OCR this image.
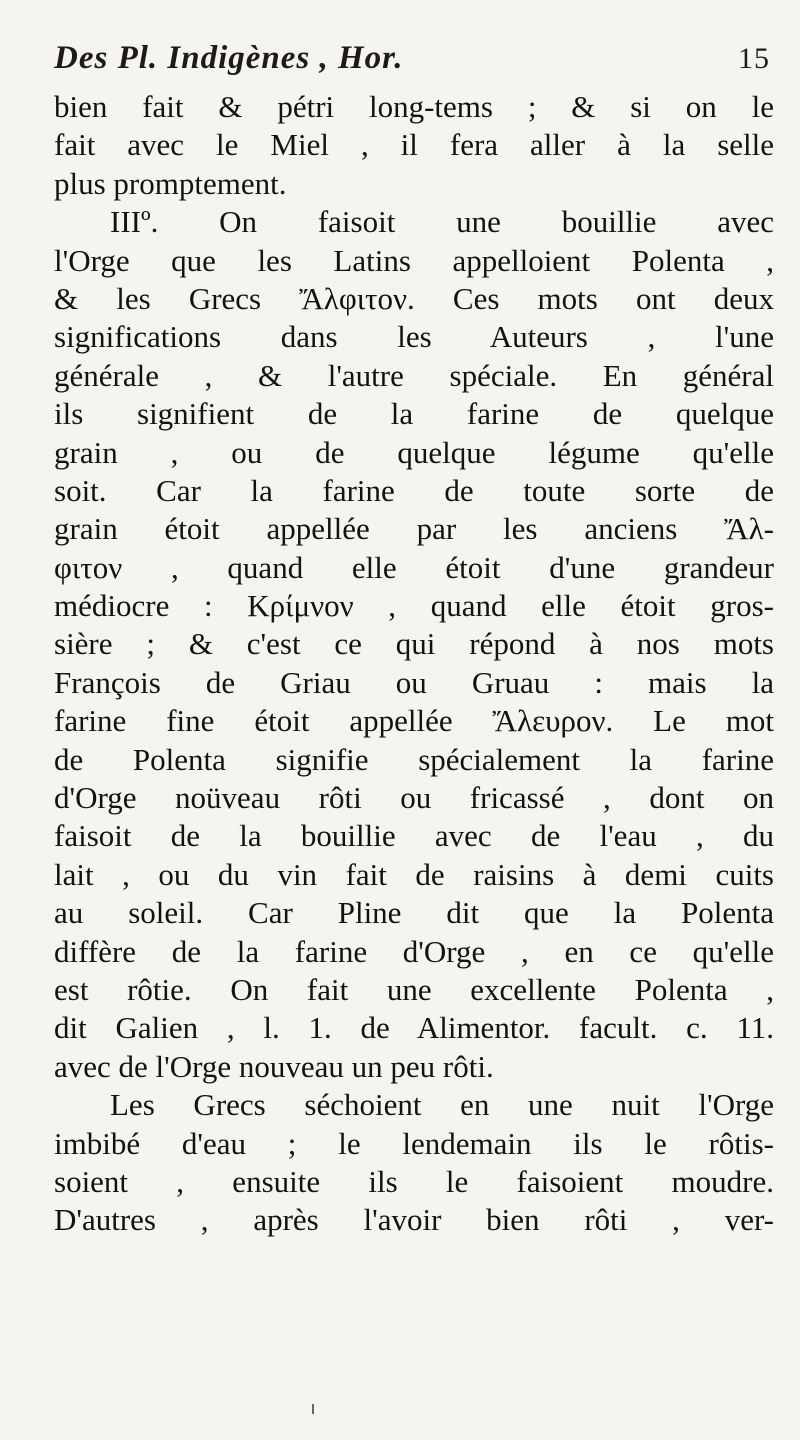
Des Pl. Indigènes , Hor.	15
bien fait & pétri long-tems ; & si on le
fait avec le Miel , il fera aller à la selle
plus promptement.
IIIº. On faisoit une bouillie avec
l'Orge que les Latins appelloient Polenta ,
& les Grecs Ἄλφιτον. Ces mots ont deux
significations dans les Auteurs , l'une
générale , & l'autre spéciale. En général
ils signifient de la farine de quelque
grain , ou de quelque légume qu'elle
soit. Car la farine de toute sorte de
grain étoit appellée par les anciens Ἄλ-
φιτον , quand elle étoit d'une grandeur
médiocre : Κρίμνον , quand elle étoit gros-
sière ; & c'est ce qui répond à nos mots
François de Griau ou Gruau : mais la
farine fine étoit appellée Ἄλευρον. Le mot
de Polenta signifie spécialement la farine
d'Orge noüveau rôti ou fricassé , dont on
faisoit de la bouillie avec de l'eau , du
lait , ou du vin fait de raisins à demi cuits
au soleil. Car Pline dit que la Polenta
diffère de la farine d'Orge , en ce qu'elle
est rôtie. On fait une excellente Polenta ,
dit Galien , l. 1. de Alimentor. facult. c. 11.
avec de l'Orge nouveau un peu rôti.
Les Grecs séchoient en une nuit l'Orge
imbibé d'eau ; le lendemain ils le rôtis-
soient , ensuite ils le faisoient moudre.
D'autres , après l'avoir bien rôti , ver-
